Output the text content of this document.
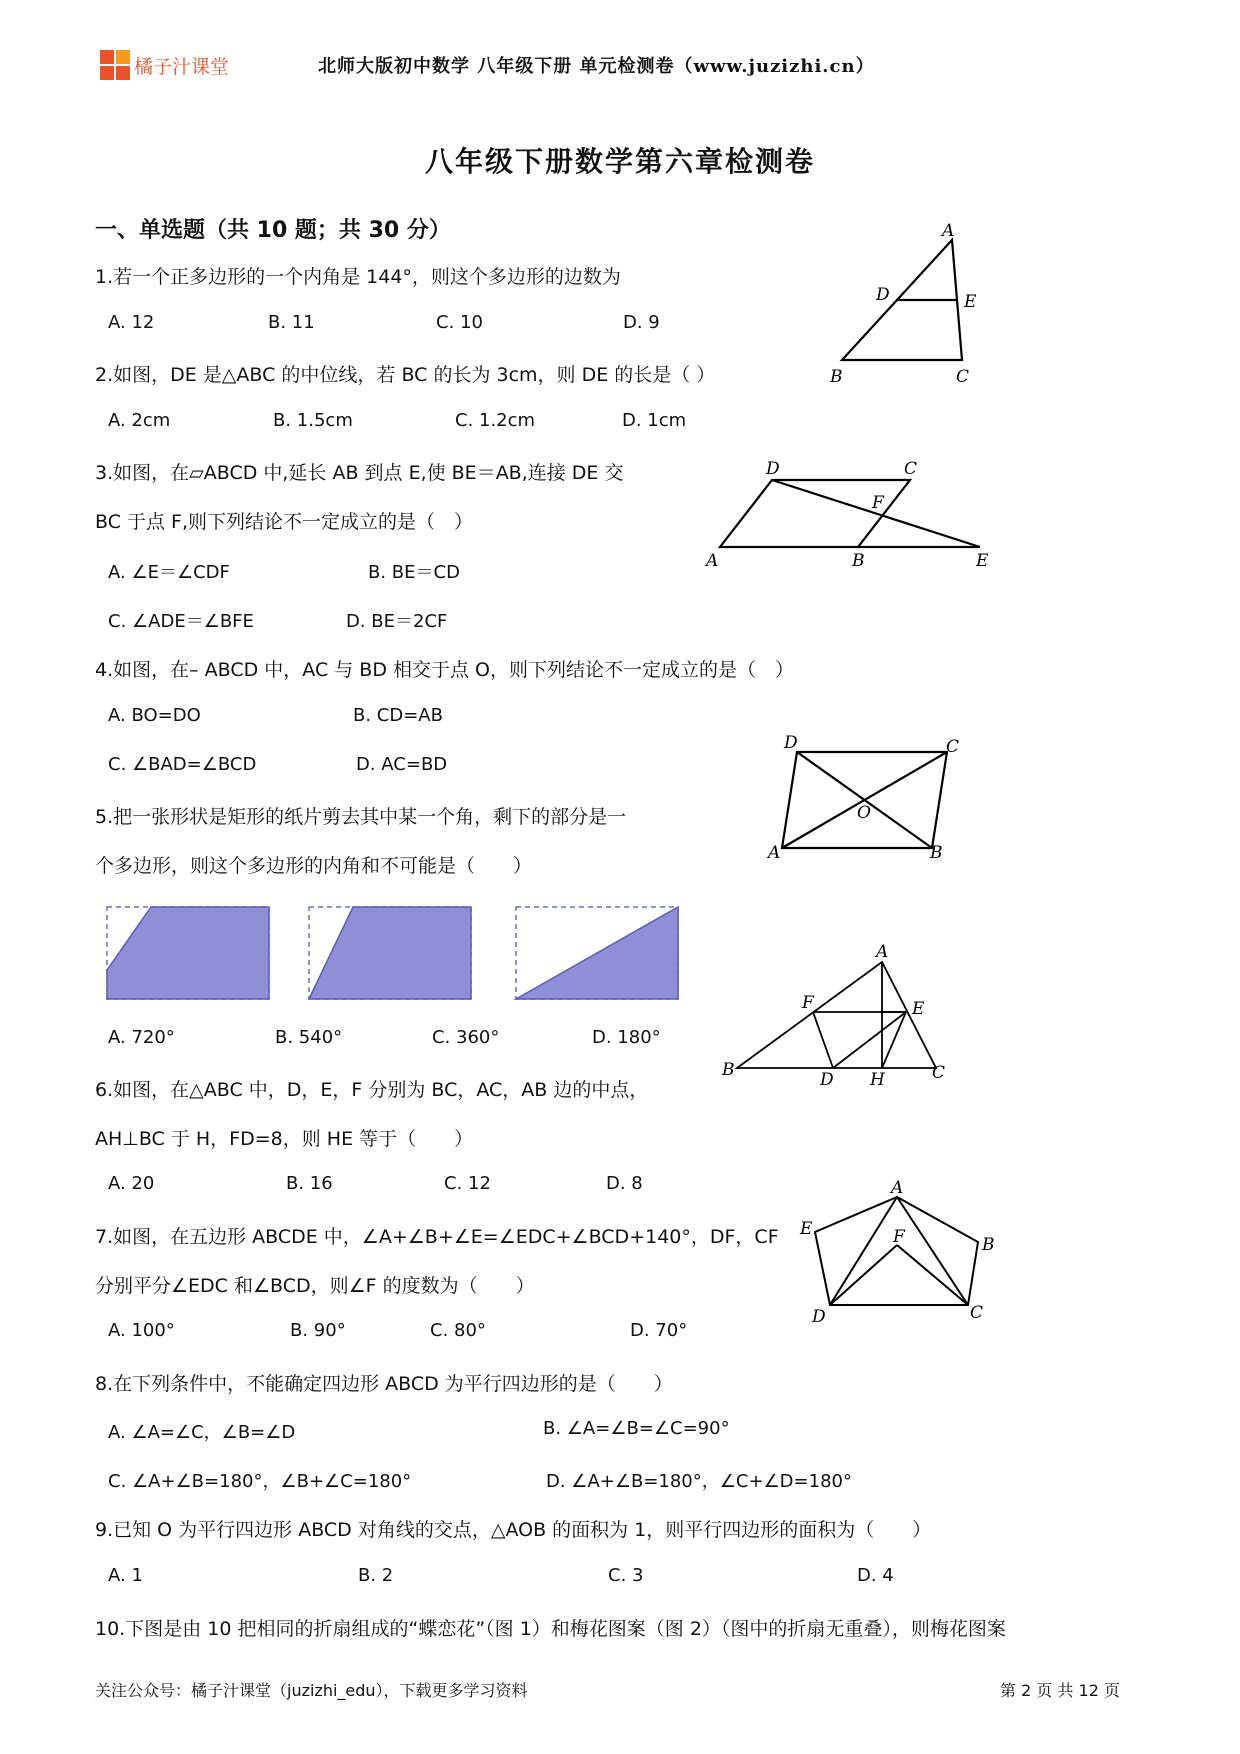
橘子汁课堂	北师大版初中数学 八年级下册 单元检测卷（www.juzizhi.cn）
八年级下册数学第六章检测卷
一、单选题（共 10 题；共 30 分）
1.若一个正多边形的一个内角是 144°，则这个多边形的边数为
A. 12	B. 11	C. 10	D. 9
2.如图，DE 是△ABC 的中位线，若 BC 的长为 3cm，则 DE 的长是（ ）
A. 2cm	B. 1.5cm	C. 1.2cm	D. 1cm
3.如图，在▱ABCD 中,延长 AB 到点 E,使 BE＝AB,连接 DE 交
BC 于点 F,则下列结论不一定成立的是（　）
A. ∠E＝∠CDF	B. BE＝CD
C. ∠ADE＝∠BFE	D. BE＝2CF
4.如图，在– ABCD 中，AC 与 BD 相交于点 O，则下列结论不一定成立的是（　）
A. BO=DO	B. CD=AB
C. ∠BAD=∠BCD	D. AC=BD
5.把一张形状是矩形的纸片剪去其中某一个角，剩下的部分是一
个多边形，则这个多边形的内角和不可能是（　　）
A. 720°	B. 540°	C. 360°	D. 180°
6.如图，在△ABC 中，D，E，F 分别为 BC，AC，AB 边的中点，
AH⊥BC 于 H，FD=8，则 HE 等于（　　）
A. 20	B. 16	C. 12	D. 8
7.如图，在五边形 ABCDE 中，∠A+∠B+∠E=∠EDC+∠BCD+140°，DF，CF
分别平分∠EDC 和∠BCD，则∠F 的度数为（　　）
A. 100°	B. 90°	C. 80°	D. 70°
8.在下列条件中，不能确定四边形 ABCD 为平行四边形的是（　　）
A. ∠A=∠C，∠B=∠D	B. ∠A=∠B=∠C=90°
C. ∠A+∠B=180°，∠B+∠C=180°	D. ∠A+∠B=180°，∠C+∠D=180°
9.已知 O 为平行四边形 ABCD 对角线的交点，△AOB 的面积为 1，则平行四边形的面积为（　　）
A. 1	B. 2	C. 3	D. 4
10.下图是由 10 把相同的折扇组成的“蝶恋花”（图 1）和梅花图案（图 2）（图中的折扇无重叠），则梅花图案
A
D	E
B	C
D	C
F
A	B	E
D	C
O
A	B
A
F	E
B	D H	C
A
E	F	B
D	C
关注公众号：橘子汁课堂（juzizhi_edu），下载更多学习资料	第 2 页 共 12 页
